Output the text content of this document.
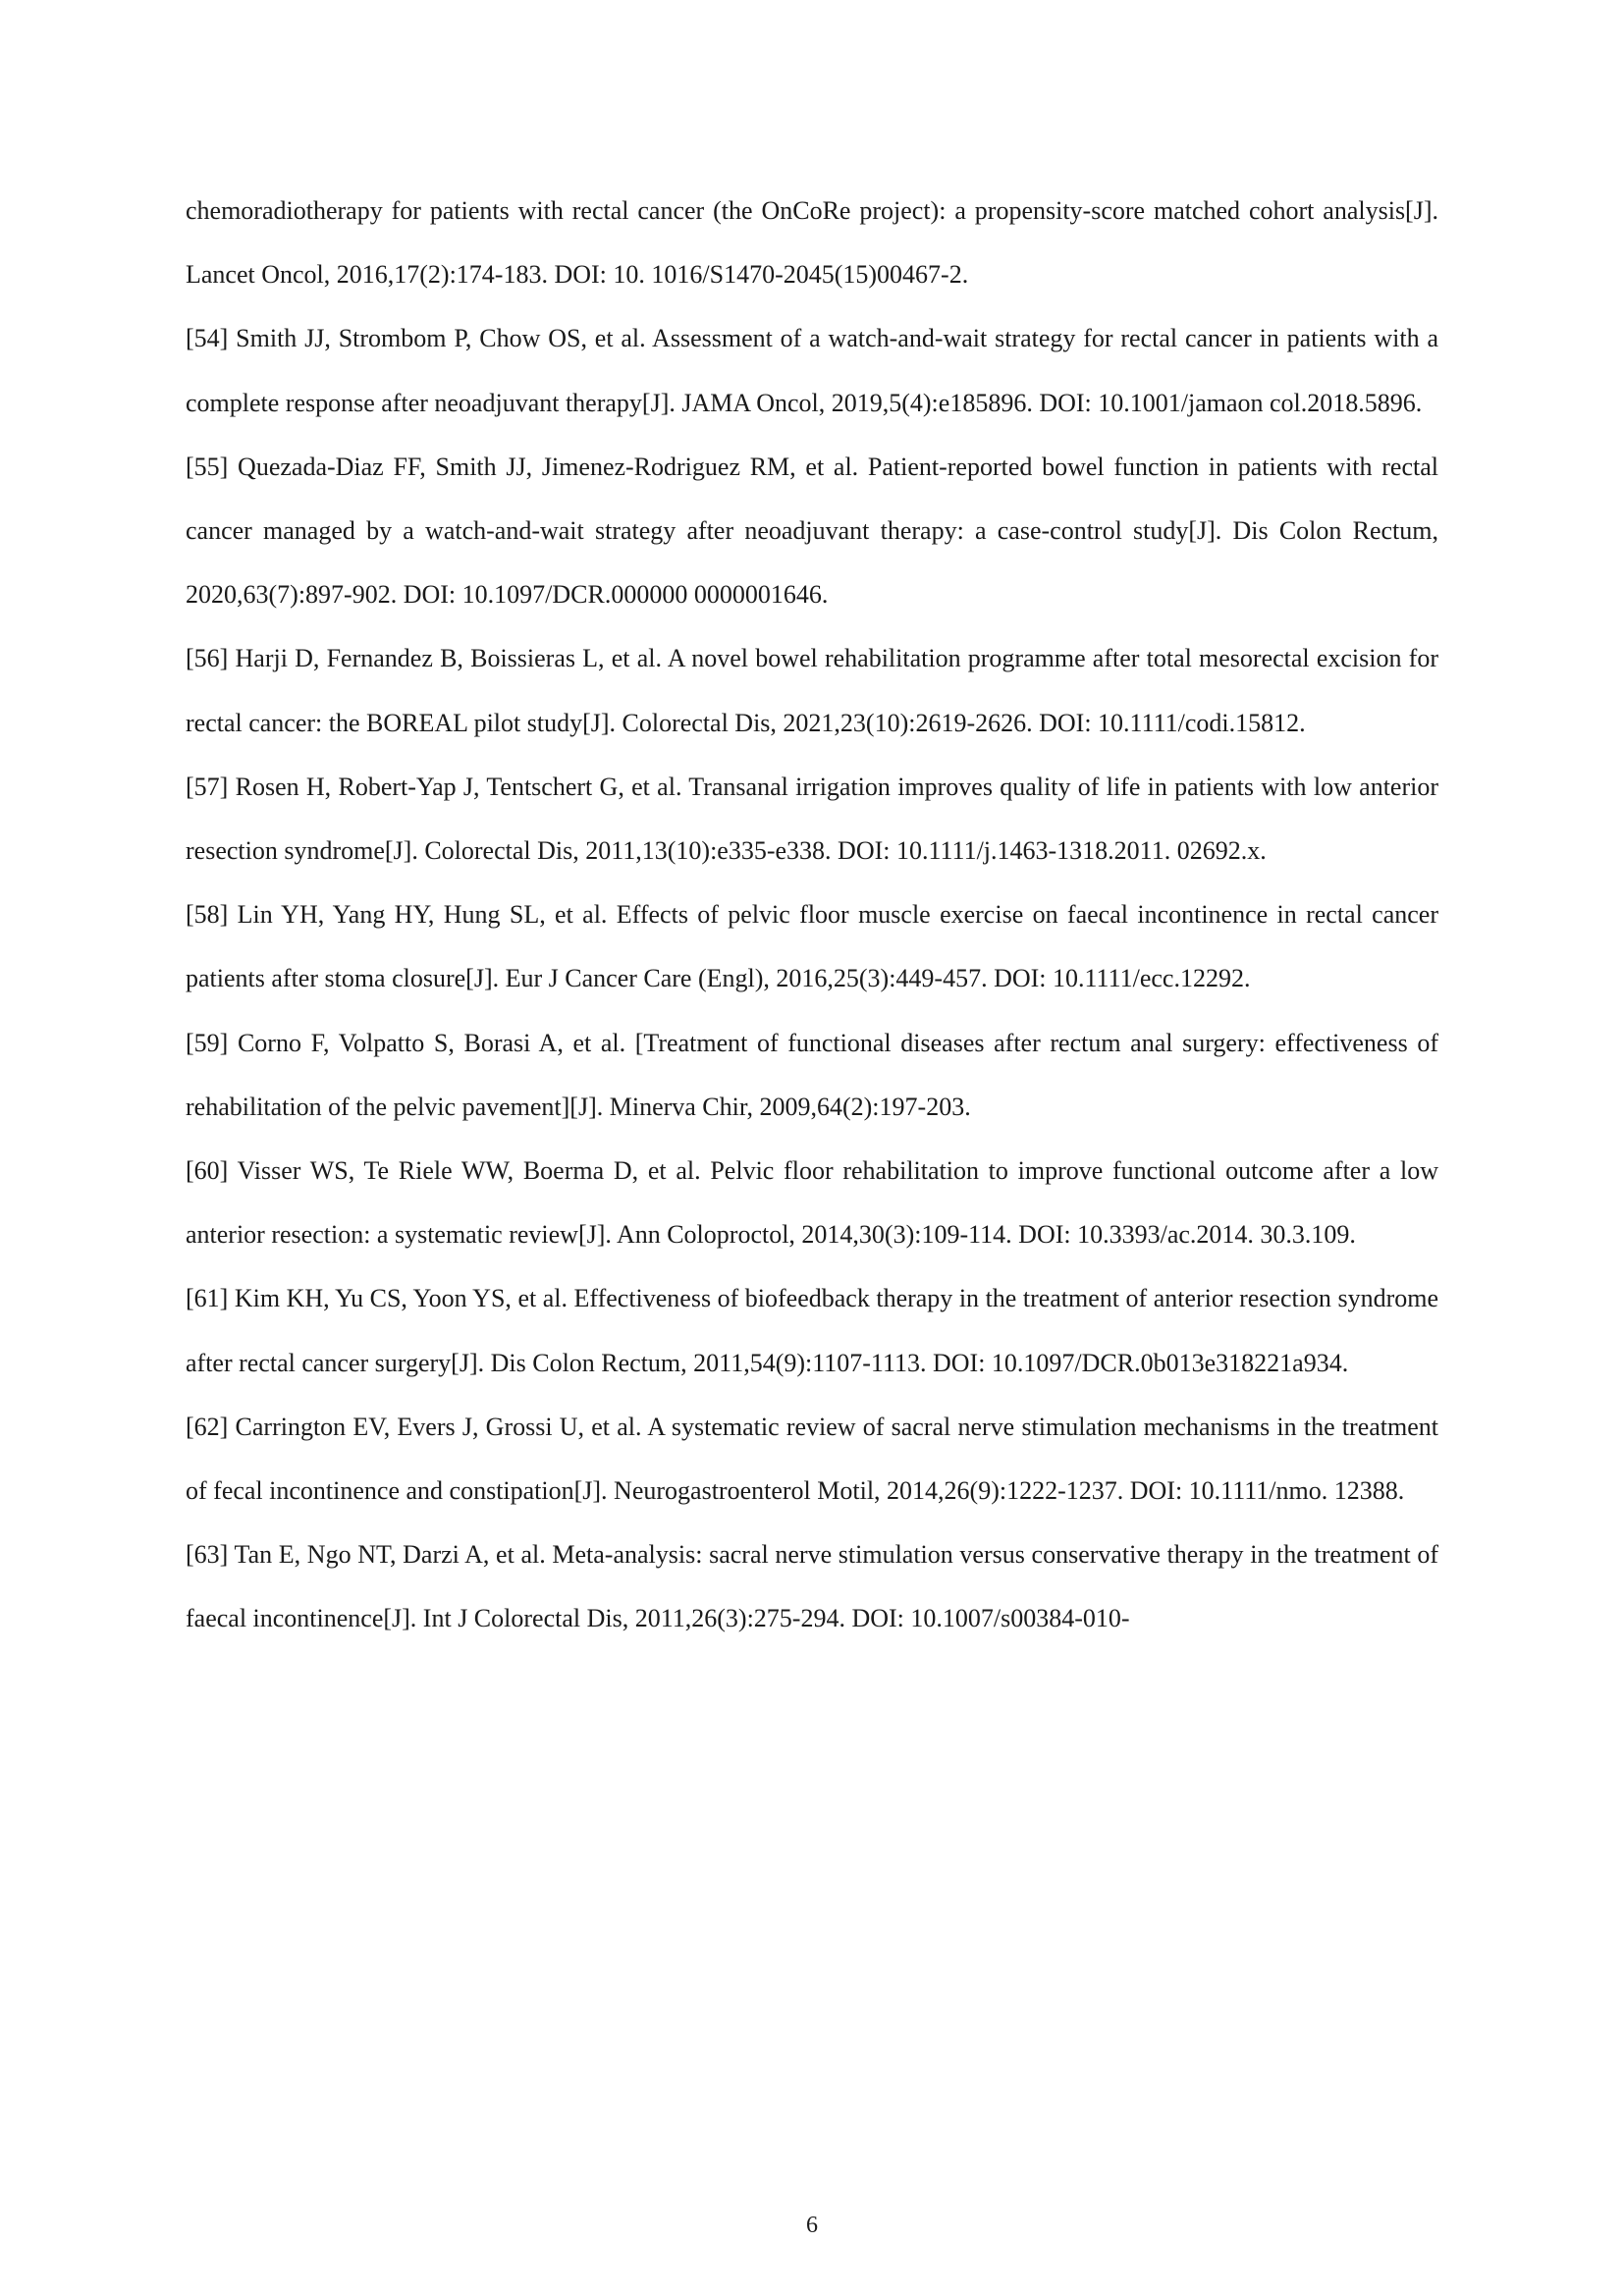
chemoradiotherapy for patients with rectal cancer (the OnCoRe project): a propensity-score matched cohort analysis[J]. Lancet Oncol, 2016,17(2):174-183. DOI: 10. 1016/S1470-2045(15)00467-2.

[54] Smith JJ, Strombom P, Chow OS, et al. Assessment of a watch-and-wait strategy for rectal cancer in patients with a complete response after neoadjuvant therapy[J]. JAMA Oncol, 2019,5(4):e185896. DOI: 10.1001/jamaon col.2018.5896.

[55] Quezada-Diaz FF, Smith JJ, Jimenez-Rodriguez RM, et al. Patient-reported bowel function in patients with rectal cancer managed by a watch-and-wait strategy after neoadjuvant therapy: a case-control study[J]. Dis Colon Rectum, 2020,63(7):897-902. DOI: 10.1097/DCR.000000 0000001646.

[56] Harji D, Fernandez B, Boissieras L, et al. A novel bowel rehabilitation programme after total mesorectal excision for rectal cancer: the BOREAL pilot study[J]. Colorectal Dis, 2021,23(10):2619-2626. DOI: 10.1111/codi.15812.

[57] Rosen H, Robert-Yap J, Tentschert G, et al. Transanal irrigation improves quality of life in patients with low anterior resection syndrome[J]. Colorectal Dis, 2011,13(10):e335-e338. DOI: 10.1111/j.1463-1318.2011. 02692.x.

[58] Lin YH, Yang HY, Hung SL, et al. Effects of pelvic floor muscle exercise on faecal incontinence in rectal cancer patients after stoma closure[J]. Eur J Cancer Care (Engl), 2016,25(3):449-457. DOI: 10.1111/ecc.12292.

[59] Corno F, Volpatto S, Borasi A, et al. [Treatment of functional diseases after rectum anal surgery: effectiveness of rehabilitation of the pelvic pavement][J]. Minerva Chir, 2009,64(2):197-203.

[60] Visser WS, Te Riele WW, Boerma D, et al. Pelvic floor rehabilitation to improve functional outcome after a low anterior resection: a systematic review[J]. Ann Coloproctol, 2014,30(3):109-114. DOI: 10.3393/ac.2014. 30.3.109.

[61] Kim KH, Yu CS, Yoon YS, et al. Effectiveness of biofeedback therapy in the treatment of anterior resection syndrome after rectal cancer surgery[J]. Dis Colon Rectum, 2011,54(9):1107-1113. DOI: 10.1097/DCR.0b013e318221a934.

[62] Carrington EV, Evers J, Grossi U, et al. A systematic review of sacral nerve stimulation mechanisms in the treatment of fecal incontinence and constipation[J]. Neurogastroenterol Motil, 2014,26(9):1222-1237. DOI: 10.1111/nmo. 12388.

[63] Tan E, Ngo NT, Darzi A, et al. Meta-analysis: sacral nerve stimulation versus conservative therapy in the treatment of faecal incontinence[J]. Int J Colorectal Dis, 2011,26(3):275-294. DOI: 10.1007/s00384-010-

6
